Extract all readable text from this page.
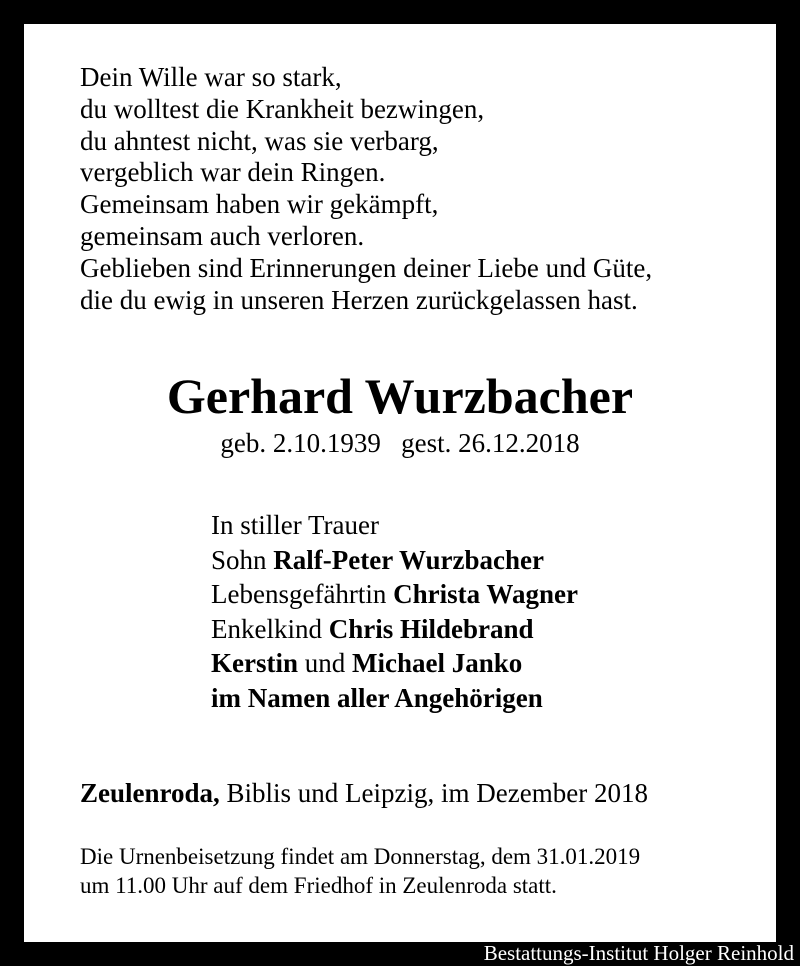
Dein Wille war so stark,
du wolltest die Krankheit bezwingen,
du ahntest nicht, was sie verbarg,
vergeblich war dein Ringen.
Gemeinsam haben wir gekämpft,
gemeinsam auch verloren.
Geblieben sind Erinnerungen deiner Liebe und Güte,
die du ewig in unseren Herzen zurückgelassen hast.
Gerhard Wurzbacher
geb. 2.10.1939   gest. 26.12.2018
In stiller Trauer
Sohn Ralf-Peter Wurzbacher
Lebensgefährtin Christa Wagner
Enkelkind Chris Hildebrand
Kerstin und Michael Janko
im Namen aller Angehörigen
Zeulenroda, Biblis und Leipzig, im Dezember 2018
Die Urnenbeisetzung findet am Donnerstag, dem 31.01.2019
um 11.00 Uhr auf dem Friedhof in Zeulenroda statt.
Bestattungs-Institut Holger Reinhold
